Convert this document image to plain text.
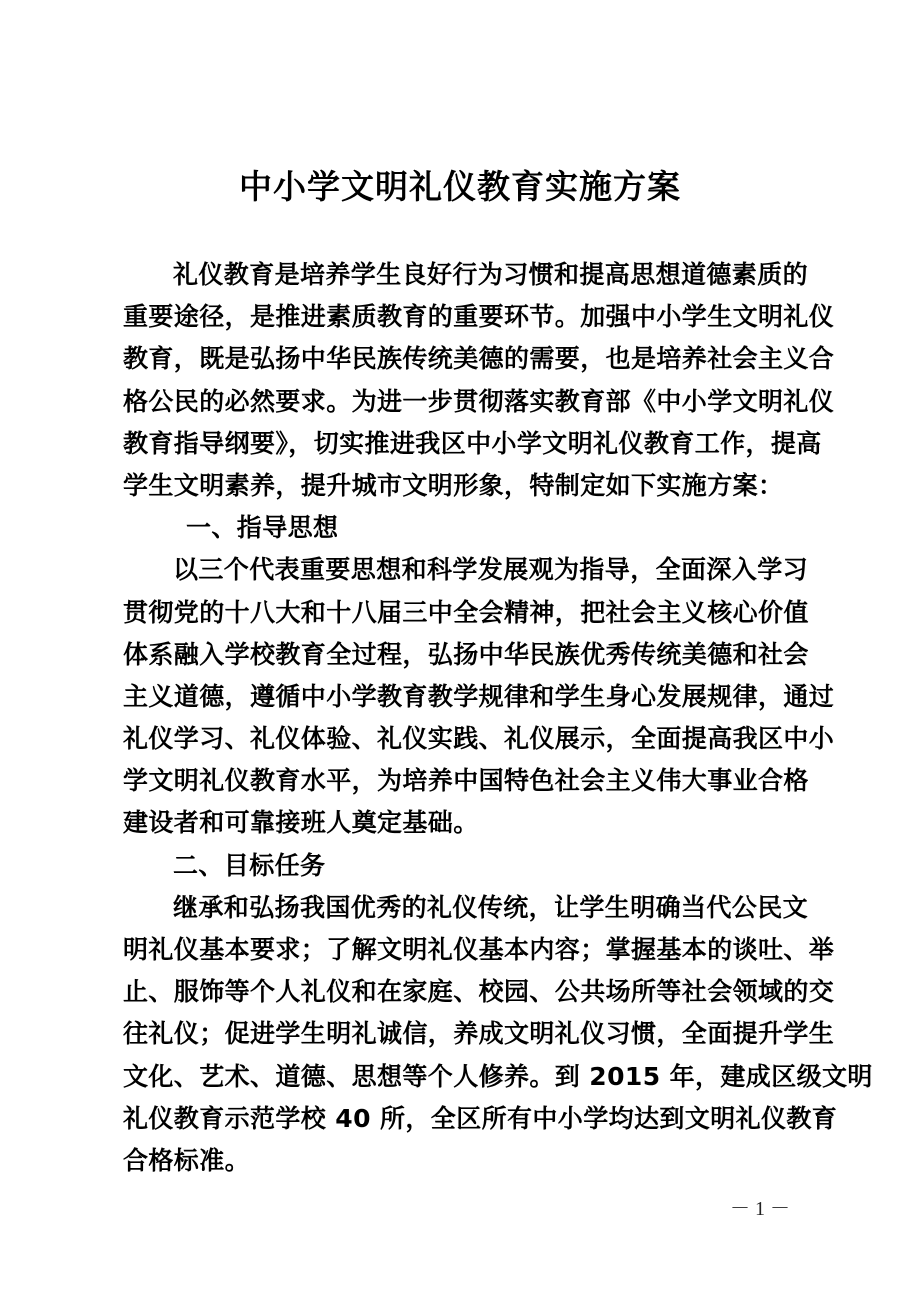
中小学文明礼仪教育实施方案
礼仪教育是培养学生良好行为习惯和提高思想道德素质的
重要途径，是推进素质教育的重要环节。加强中小学生文明礼仪
教育，既是弘扬中华民族传统美德的需要，也是培养社会主义合
格公民的必然要求。为进一步贯彻落实教育部《中小学文明礼仪
教育指导纲要》，切实推进我区中小学文明礼仪教育工作，提高
学生文明素养，提升城市文明形象，特制定如下实施方案：
一、指导思想
以三个代表重要思想和科学发展观为指导，全面深入学习
贯彻党的十八大和十八届三中全会精神，把社会主义核心价值
体系融入学校教育全过程，弘扬中华民族优秀传统美德和社会
主义道德，遵循中小学教育教学规律和学生身心发展规律，通过
礼仪学习、礼仪体验、礼仪实践、礼仪展示，全面提高我区中小
学文明礼仪教育水平，为培养中国特色社会主义伟大事业合格
建设者和可靠接班人奠定基础。
二、目标任务
继承和弘扬我国优秀的礼仪传统，让学生明确当代公民文
明礼仪基本要求；了解文明礼仪基本内容；掌握基本的谈吐、举
止、服饰等个人礼仪和在家庭、校园、公共场所等社会领域的交
往礼仪；促进学生明礼诚信，养成文明礼仪习惯，全面提升学生
文化、艺术、道德、思想等个人修养。到 2015 年，建成区级文明
礼仪教育示范学校 40 所，全区所有中小学均达到文明礼仪教育
合格标准。
－ 1 －
